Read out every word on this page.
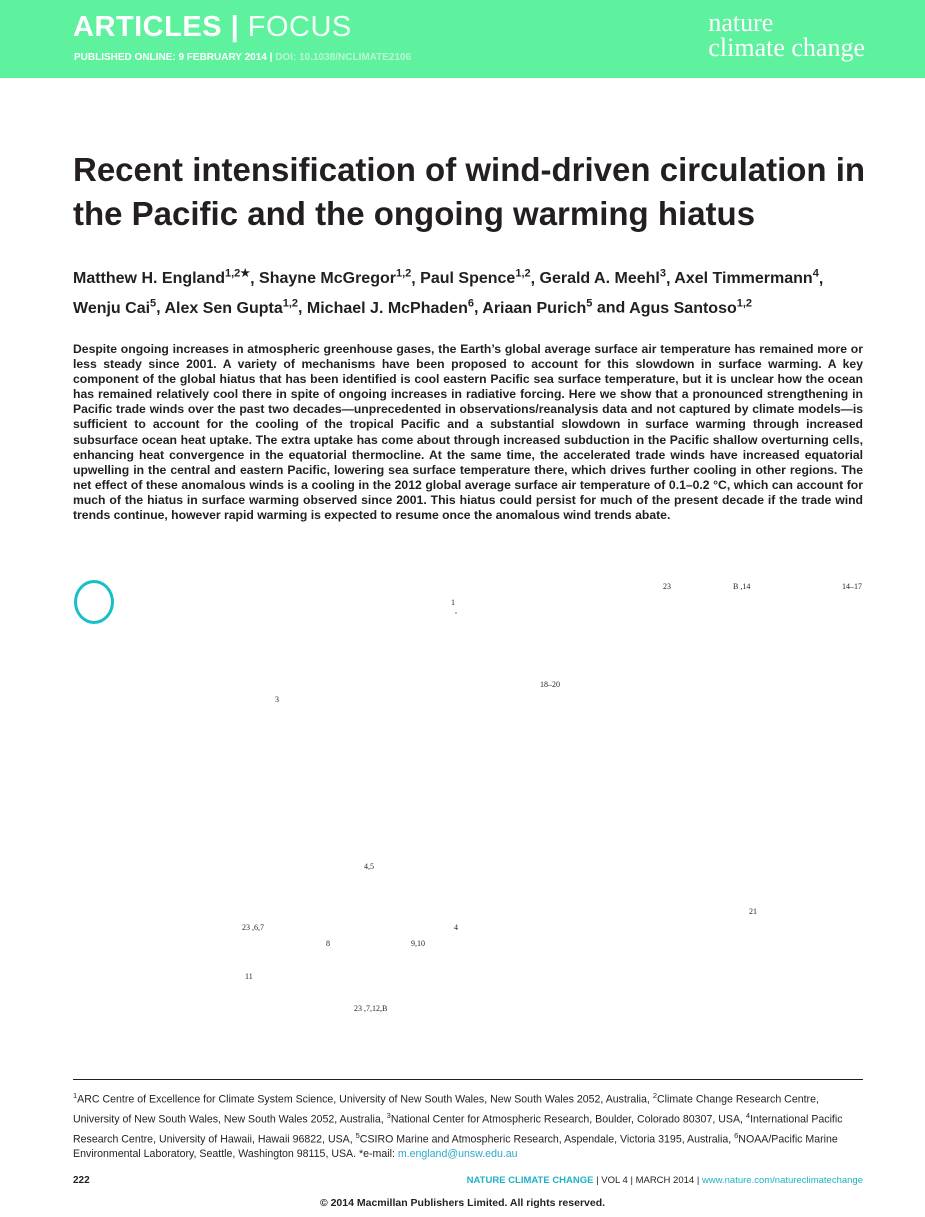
ARTICLES | FOCUS
PUBLISHED ONLINE: 9 FEBRUARY 2014 | DOI: 10.1038/NCLIMATE2106
nature
climate change
Recent intensification of wind-driven circulation in the Pacific and the ongoing warming hiatus

Matthew H. England$^{1,2★}$, Shayne McGregor$^{1,2}$, Paul Spence$^{1,2}$, Gerald A. Meehl$^3$, Axel Timmermann$^4$, Wenju Cai$^5$, Alex Sen Gupta$^{1,2}$, Michael J. McPhaden$^6$, Ariaan Purich$^5$ and Agus Santoso$^{1,2}$

Despite ongoing increases in atmospheric greenhouse gases, the Earth’s global average surface air temperature has remained more or less steady since 2001. A variety of mechanisms have been proposed to account for this slowdown in surface warming. A key component of the global hiatus that has been identified is cool eastern Pacific sea surface temperature, but it is unclear how the ocean has remained relatively cool there in spite of ongoing increases in radiative forcing. Here we show that a pronounced strengthening in Pacific trade winds over the past two decades—unprecedented in observations/reanalysis data and not captured by climate models—is sufficient to account for the cooling of the tropical Pacific and a substantial slowdown in surface warming through increased subsurface ocean heat uptake. The extra uptake has come about through increased subduction in the Pacific shallow overturning cells, enhancing heat convergence in the equatorial thermocline. At the same time, the accelerated trade winds have increased equatorial upwelling in the central and eastern Pacific, lowering sea surface temperature there, which drives further cooling in other regions. The net effect of these anomalous winds is a cooling in the 2012 global average surface air temperature of 0.1–0.2 °C, which can account for much of the hiatus in surface warming observed since 2001. This hiatus could persist for much of the present decade if the trade wind trends continue, however rapid warming is expected to resume once the anomalous wind trends abate.

23	B ,14	14–17
1
,
18–20
3
4,5
21
23 ,6,7	4
8	9,10
11
23 ,7,12,B

$^1$ARC Centre of Excellence for Climate System Science, University of New South Wales, New South Wales 2052, Australia, $^2$Climate Change Research Centre, University of New South Wales, New South Wales 2052, Australia, $^3$National Center for Atmospheric Research, Boulder, Colorado 80307, USA, $^4$International Pacific Research Centre, University of Hawaii, Hawaii 96822, USA, $^5$CSIRO Marine and Atmospheric Research, Aspendale, Victoria 3195, Australia, $^6$NOAA/Pacific Marine Environmental Laboratory, Seattle, Washington 98115, USA. *e-mail: m.england@unsw.edu.au

222	NATURE CLIMATE CHANGE | VOL 4 | MARCH 2014 | www.nature.com/natureclimatechange
© 2014 Macmillan Publishers Limited. All rights reserved.
